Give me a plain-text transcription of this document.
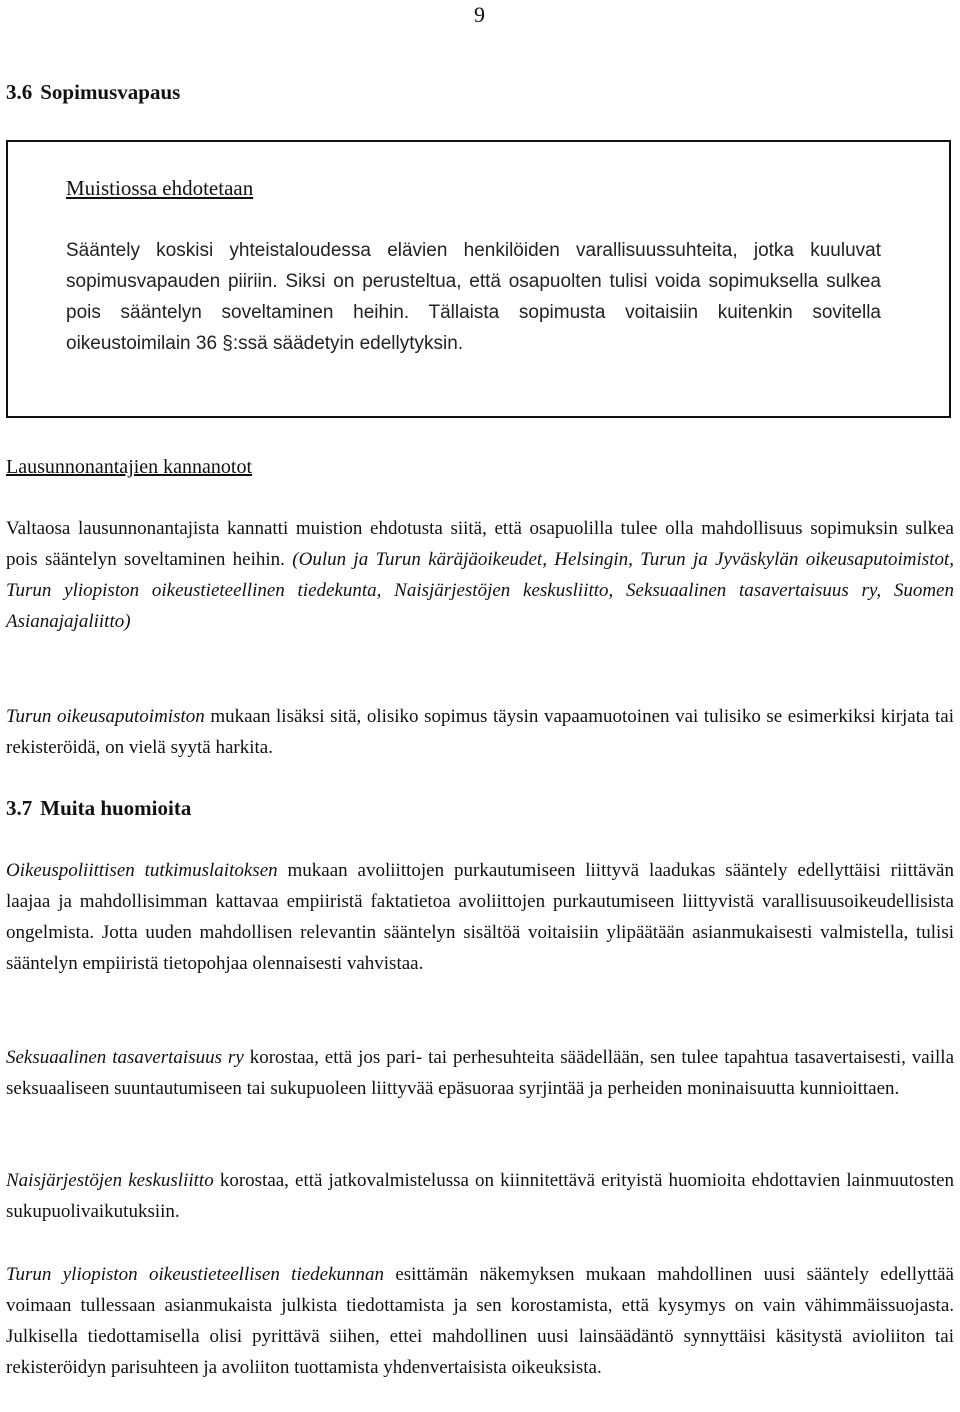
9
3.6 Sopimusvapaus
Muistiossa ehdotetaan

Sääntely koskisi yhteistaloudessa elävien henkilöiden varallisuussuhteita, jotka kuuluvat sopimusvapauden piiriin. Siksi on perusteltua, että osapuolten tulisi voida sopimuksella sulkea pois sääntelyn soveltaminen heihin. Tällaista sopimusta voitaisiin kuitenkin sovitella oikeustoimilain 36 §:ssä säädetyin edellytyksin.

Lausunnonantajien kannanotot

Valtaosa lausunnonantajista kannatti muistion ehdotusta siitä, että osapuolilla tulee olla mahdollisuus sopimuksin sulkea pois sääntelyn soveltaminen heihin. (Oulun ja Turun käräjäoikeudet, Helsingin, Turun ja Jyväskylän oikeusaputoimistot, Turun yliopiston oikeustieteellinen tiedekunta, Naisjärjestöjen keskusliitto, Seksuaalinen tasavertaisuus ry, Suomen Asianajajaliitto)

Turun oikeusaputoimiston mukaan lisäksi sitä, olisiko sopimus täysin vapaamuotoinen vai tulisiko se esimerkiksi kirjata tai rekisteröidä, on vielä syytä harkita.

3.7 Muita huomioita

Oikeuspoliittisen tutkimuslaitoksen mukaan avoliittojen purkautumiseen liittyvä laadukas sääntely edellyttäisi riittävän laajaa ja mahdollisimman kattavaa empiiristä faktatietoa avoliittojen purkautumiseen liittyvistä varallisuusoikeudellisista ongelmista. Jotta uuden mahdollisen relevantin sääntelyn sisältöä voitaisiin ylipäätään asianmukaisesti valmistella, tulisi sääntelyn empiiristä tietopohjaa olennaisesti vahvistaa.

Seksuaalinen tasavertaisuus ry korostaa, että jos pari- tai perhesuhteita säädellään, sen tulee tapahtua tasavertaisesti, vailla seksuaaliseen suuntautumiseen tai sukupuoleen liittyvää epäsuoraa syrjintää ja perheiden moninaisuutta kunnioittaen.

Naisjärjestöjen keskusliitto korostaa, että jatkovalmistelussa on kiinnitettävä erityistä huomioita ehdottavien lainmuutosten sukupuolivaikutuksiin.

Turun yliopiston oikeustieteellisen tiedekunnan esittämän näkemyksen mukaan mahdollinen uusi sääntely edellyttää voimaan tullessaan asianmukaista julkista tiedottamista ja sen korostamista, että kysymys on vain vähimmäissuojasta. Julkisella tiedottamisella olisi pyrittävä siihen, ettei mahdollinen uusi lainsäädäntö synnyttäisi käsitystä avioliiton tai rekisteröidyn parisuhteen ja avoliiton tuottamista yhdenvertaisista oikeuksista.
